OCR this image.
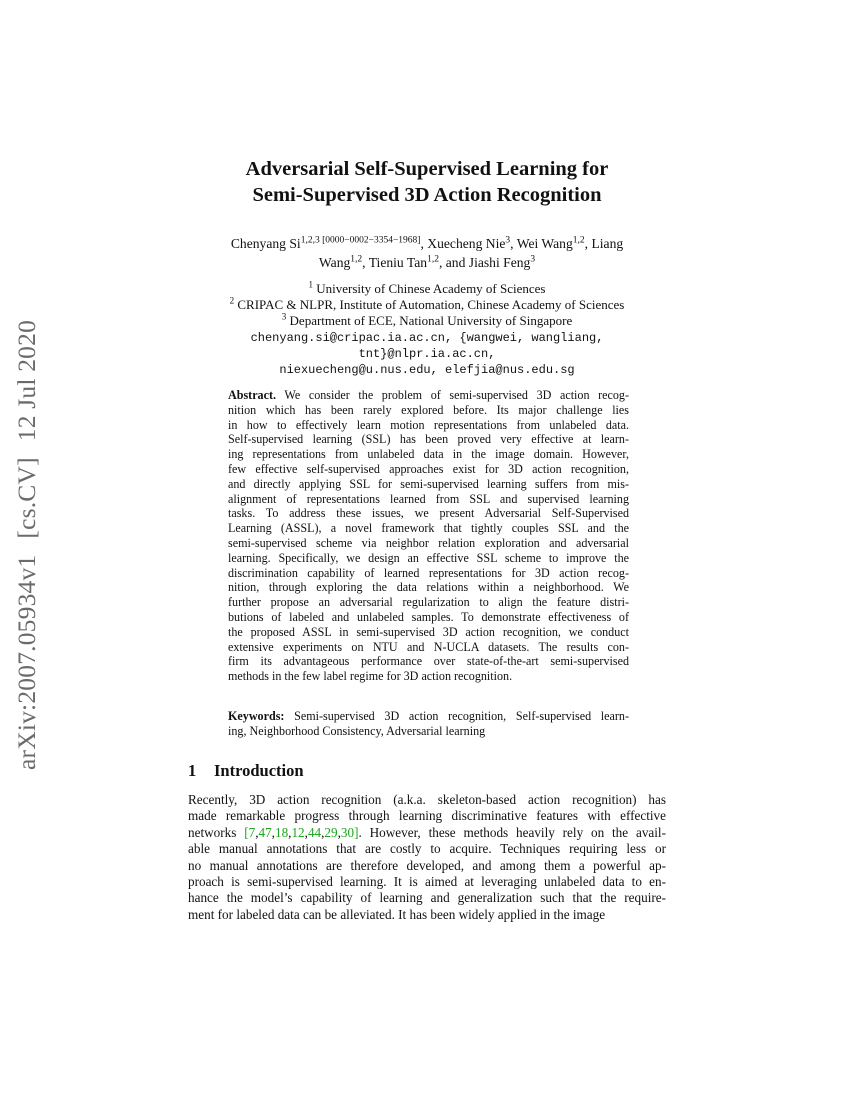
arXiv:2007.05934v1[cs.CV]12 Jul 2020
Adversarial Self-Supervised Learning for
Semi-Supervised 3D Action Recognition
Chenyang $Si^{1,2,3 [0000-0002-3354-1968]}$, Xuecheng Nie$^3$, Wei Wang$^{1,2}$, Liang
Wang$^{1,2}$, Tieniu Tan$^{1,2}$, and Jiashi Feng$^3$
$^1$ University of Chinese Academy of Sciences
$^2$ CRIPAC & NLPR, Institute of Automation, Chinese Academy of Sciences
$^3$ Department of ECE, National University of Singapore
chenyang.si@cripac.ia.ac.cn, {wangwei, wangliang, tnt}@nlpr.ia.ac.cn,
niexuecheng@u.nus.edu, elefjia@nus.edu.sg
Abstract. We consider the problem of semi-supervised 3D action recog-
nition which has been rarely explored before. Its major challenge lies
in how to effectively learn motion representations from unlabeled data.
Self-supervised learning (SSL) has been proved very effective at learn-
ing representations from unlabeled data in the image domain. However,
few effective self-supervised approaches exist for 3D action recognition,
and directly applying SSL for semi-supervised learning suffers from mis-
alignment of representations learned from SSL and supervised learning
tasks. To address these issues, we present Adversarial Self-Supervised
Learning (ASSL), a novel framework that tightly couples SSL and the
semi-supervised scheme via neighbor relation exploration and adversarial
learning. Specifically, we design an effective SSL scheme to improve the
discrimination capability of learned representations for 3D action recog-
nition, through exploring the data relations within a neighborhood. We
further propose an adversarial regularization to align the feature distri-
butions of labeled and unlabeled samples. To demonstrate effectiveness of
the proposed ASSL in semi-supervised 3D action recognition, we conduct
extensive experiments on NTU and N-UCLA datasets. The results con-
firm its advantageous performance over state-of-the-art semi-supervised
methods in the few label regime for 3D action recognition.
Keywords: Semi-supervised 3D action recognition, Self-supervised learn-
ing, Neighborhood Consistency, Adversarial learning
1 Introduction
Recently, 3D action recognition (a.k.a. skeleton-based action recognition) has
made remarkable progress through learning discriminative features with effective
networks [7,47,18,12,44,29,30]. However, these methods heavily rely on the avail-
able manual annotations that are costly to acquire. Techniques requiring less or
no manual annotations are therefore developed, and among them a powerful ap-
proach is semi-supervised learning. It is aimed at leveraging unlabeled data to en-
hance the model’s capability of learning and generalization such that the require-
ment for labeled data can be alleviated. It has been widely applied in the image
